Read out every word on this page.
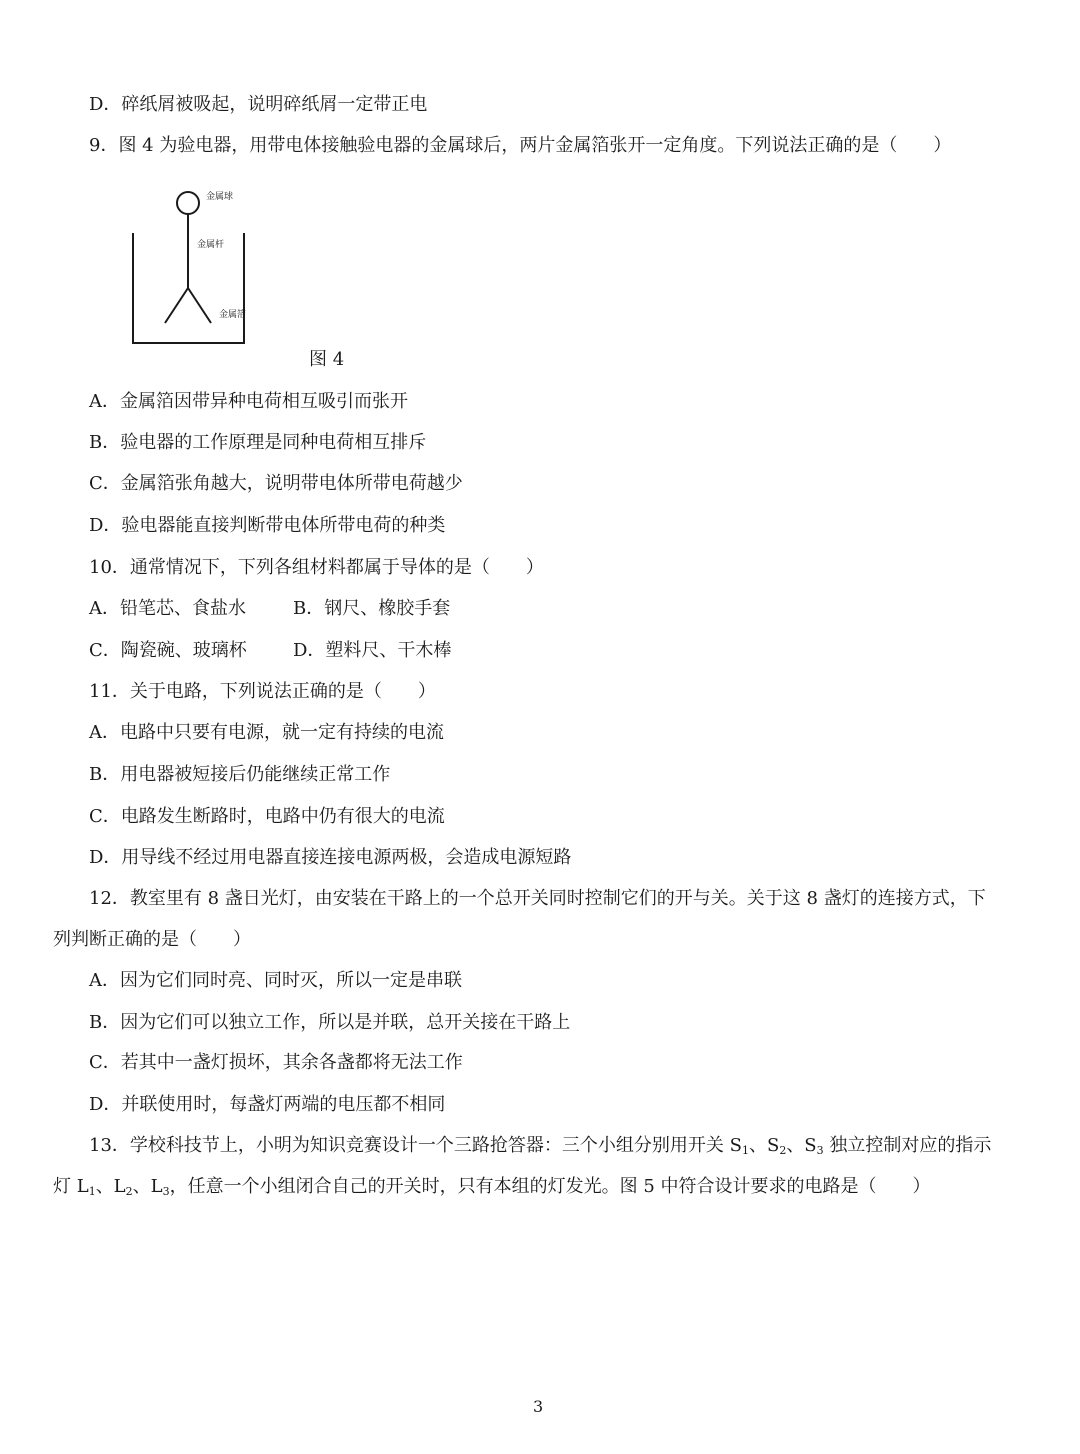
D．碎纸屑被吸起，说明碎纸屑一定带正电
9．图 4 为验电器，用带电体接触验电器的金属球后，两片金属箔张开一定角度。下列说法正确的是（　　）
金属球
金属杆
金属箔
图 4
A．金属箔因带异种电荷相互吸引而张开
B．验电器的工作原理是同种电荷相互排斥
C．金属箔张角越大，说明带电体所带电荷越少
D．验电器能直接判断带电体所带电荷的种类
10．通常情况下，下列各组材料都属于导体的是（　　）
A．铅笔芯、食盐水	B．钢尺、橡胶手套
C．陶瓷碗、玻璃杯	D．塑料尺、干木棒
11．关于电路，下列说法正确的是（　　）
A．电路中只要有电源，就一定有持续的电流
B．用电器被短接后仍能继续正常工作
C．电路发生断路时，电路中仍有很大的电流
D．用导线不经过用电器直接连接电源两极，会造成电源短路
12．教室里有 8 盏日光灯，由安装在干路上的一个总开关同时控制它们的开与关。关于这 8 盏灯的连接方式，下
列判断正确的是（　　）
A．因为它们同时亮、同时灭，所以一定是串联
B．因为它们可以独立工作，所以是并联，总开关接在干路上
C．若其中一盏灯损坏，其余各盏都将无法工作
D．并联使用时，每盏灯两端的电压都不相同
13．学校科技节上，小明为知识竞赛设计一个三路抢答器：三个小组分别用开关 $S_1$、$S_2$、$S_3$ 独立控制对应的指示
灯 $L_1$、$L_2$、$L_3$，任意一个小组闭合自己的开关时，只有本组的灯发光。图 5 中符合设计要求的电路是（　　）
3
